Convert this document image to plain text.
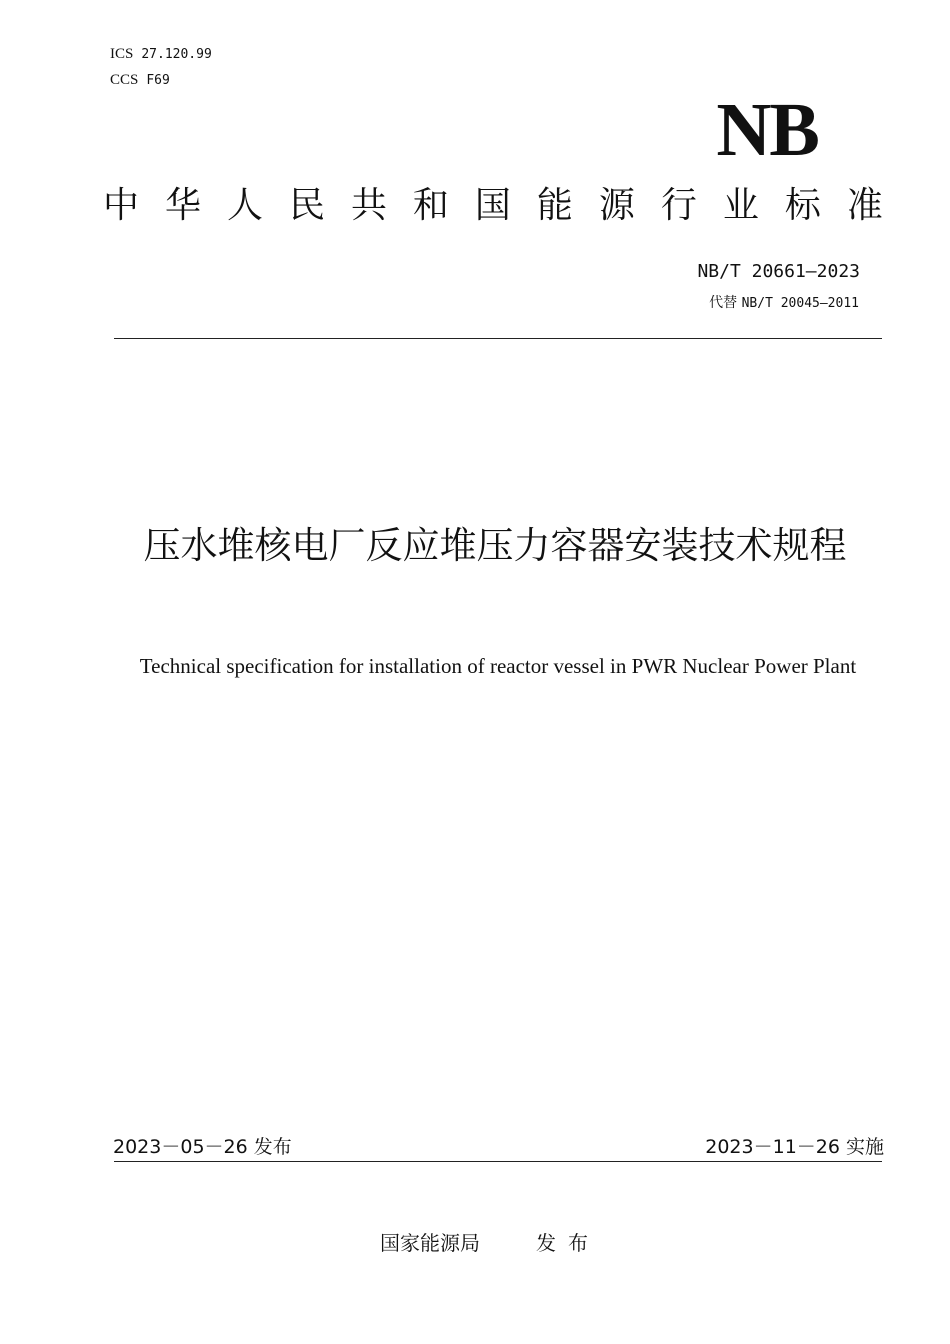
ICS 27.120.99
CCS F69
NB
中 华 人 民 共 和 国 能 源 行 业 标 准
NB/T 20661—2023
代替 NB/T 20045—2011
压水堆核电厂反应堆压力容器安装技术规程
Technical specification for installation of reactor vessel in PWR Nuclear Power Plant
2023－05－26 发布	2023－11－26 实施
国家能源局	发布
